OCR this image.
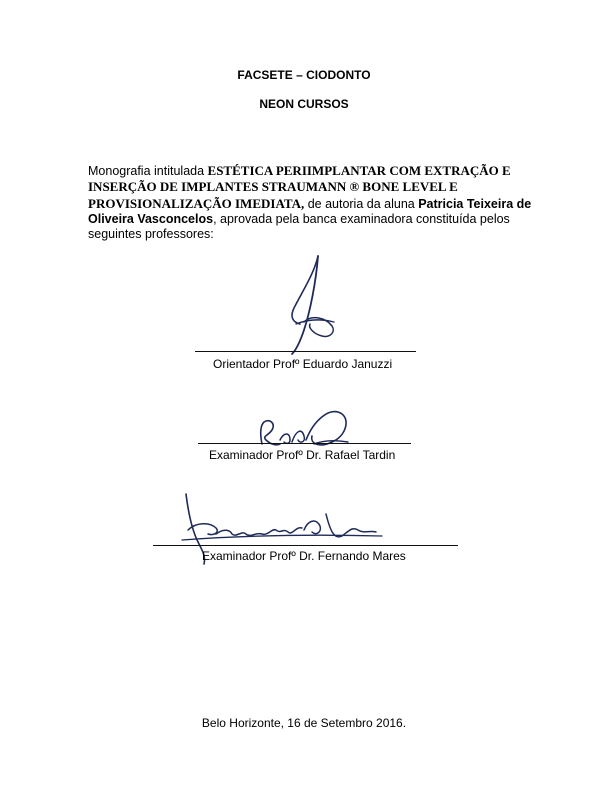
FACSETE – CIODONTO
NEON CURSOS
Monografia intitulada ESTÉTICA PERIIMPLANTAR COM EXTRAÇÃO E
INSERÇÃO DE IMPLANTES STRAUMANN ® BONE LEVEL E
PROVISIONALIZAÇÃO IMEDIATA, de autoria da aluna Patricia Teixeira de
Oliveira Vasconcelos, aprovada pela banca examinadora constituída pelos
seguintes professores:
Orientador Profº Eduardo Januzzi
Examinador Profº Dr. Rafael Tardin
Examinador Profº Dr. Fernando Mares
Belo Horizonte, 16 de Setembro 2016.
